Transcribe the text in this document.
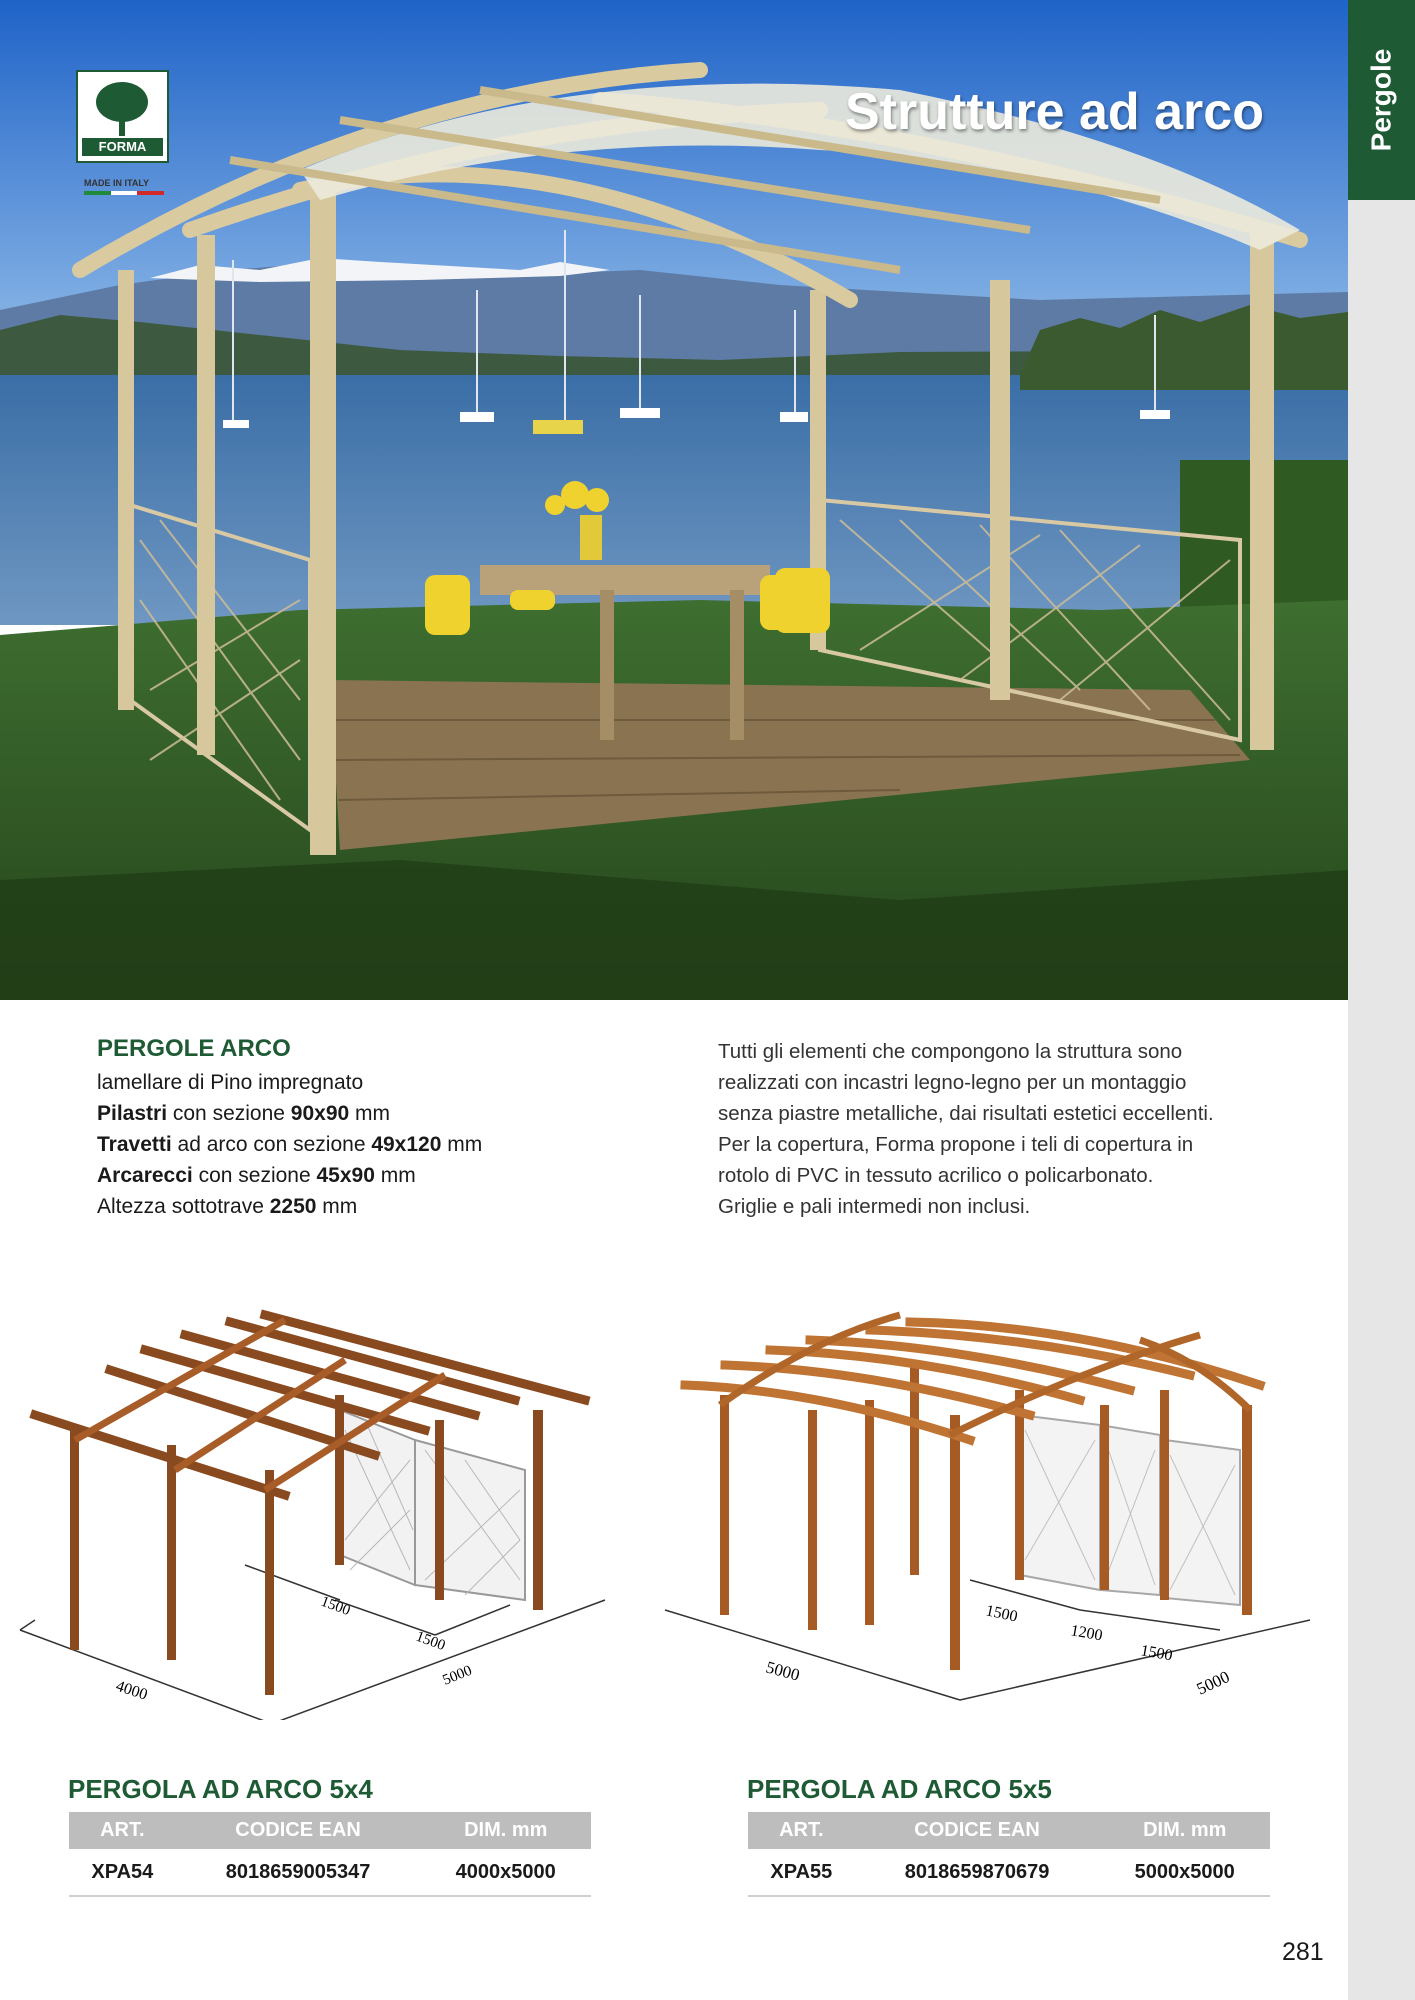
Pergole
Strutture ad arco
FORMA
MADE IN ITALY
PERGOLE ARCO
lamellare di Pino impregnato
Pilastri con sezione 90x90 mm
Travetti ad arco con sezione 49x120 mm
Arcarecci con sezione 45x90 mm
Altezza sottotrave 2250 mm
Tutti gli elementi che compongono la struttura sono
realizzati con incastri legno-legno per un montaggio
senza piastre metalliche, dai risultati estetici eccellenti.
Per la copertura, Forma propone i teli di copertura in
rotolo di PVC in tessuto acrilico o policarbonato.
Griglie e pali intermedi non inclusi.
1500
1500
5000
4000
1500
1200
1500
5000	5000
PERGOLA AD ARCO 5x4
ART.	CODICE EAN	DIM. mm
XPA54	8018659005347	4000x5000
PERGOLA AD ARCO 5x5
ART.	CODICE EAN	DIM. mm
XPA55	8018659870679	5000x5000
281
